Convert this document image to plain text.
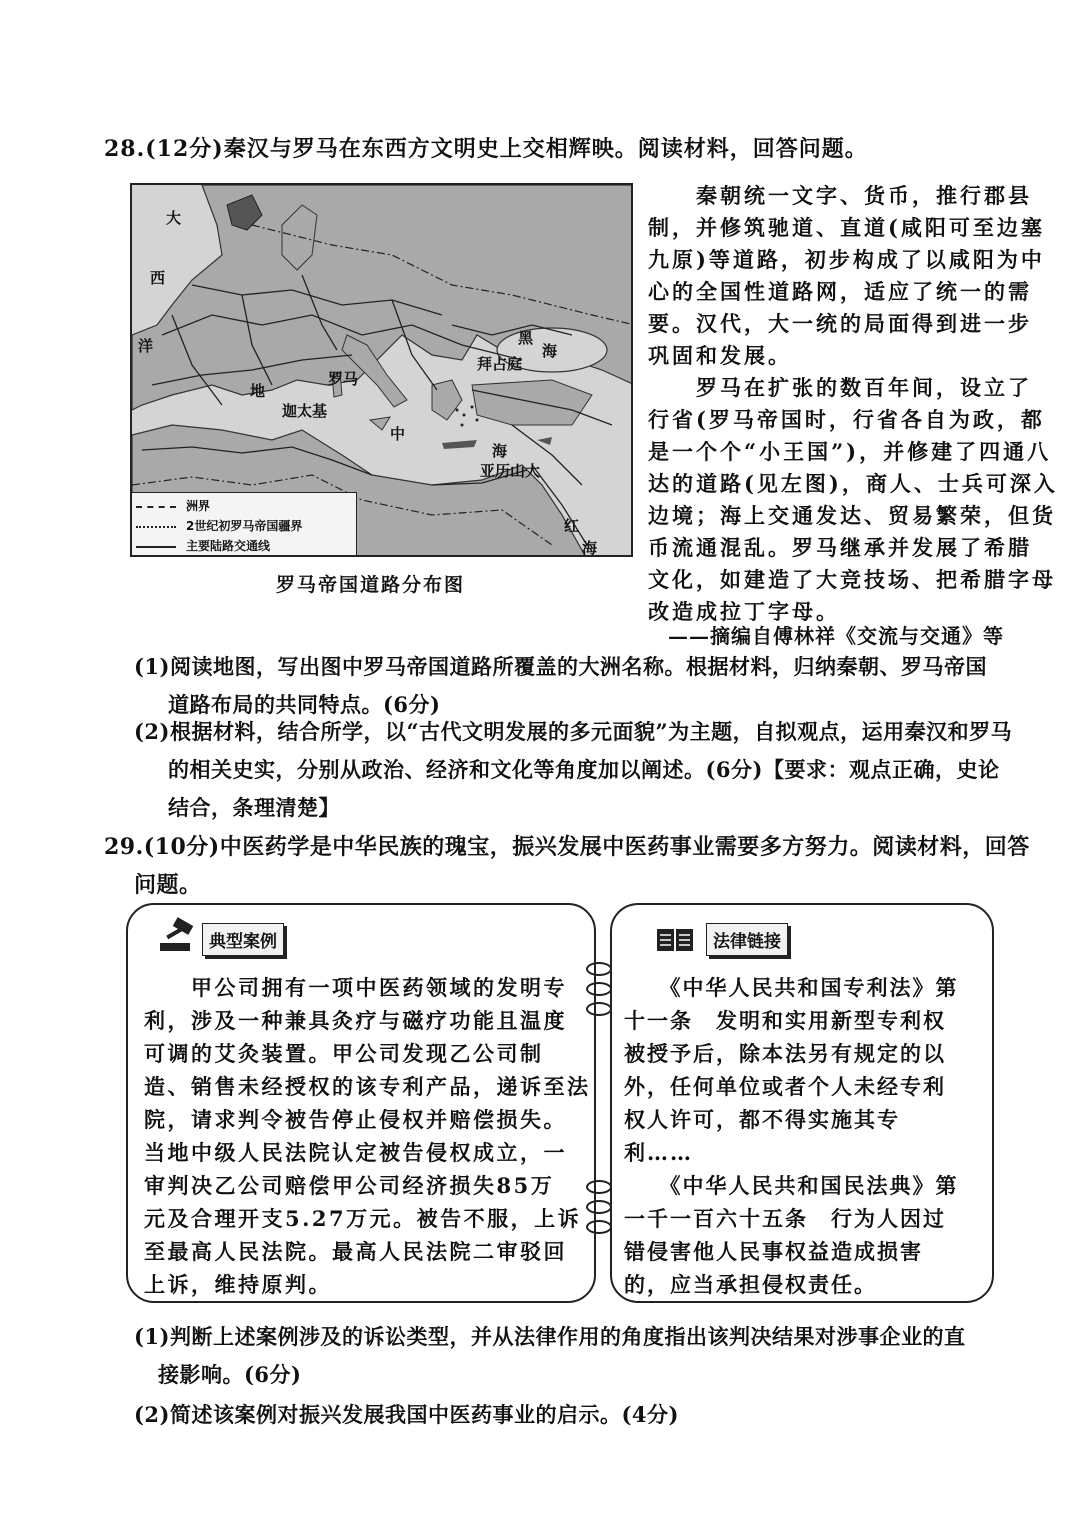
28.(12分)秦汉与罗马在东西方文明史上交相辉映。阅读材料，回答问题。
大
西
洋
地
罗马
迦太基
中
海
亚历山大
拜占庭
黑
海
红
海
洲界
2世纪初罗马帝国疆界
主要陆路交通线
罗马帝国道路分布图
　　秦朝统一文字、货币，推行郡县
制，并修筑驰道、直道(咸阳可至边塞
九原)等道路，初步构成了以咸阳为中
心的全国性道路网，适应了统一的需
要。汉代，大一统的局面得到进一步
巩固和发展。
　　罗马在扩张的数百年间，设立了
行省(罗马帝国时，行省各自为政，都
是一个个“小王国”)，并修建了四通八
达的道路(见左图)，商人、士兵可深入
边境；海上交通发达、贸易繁荣，但货
币流通混乱。罗马继承并发展了希腊
文化，如建造了大竞技场、把希腊字母
改造成拉丁字母。
——摘编自傅林祥《交流与交通》等
(1)阅读地图，写出图中罗马帝国道路所覆盖的大洲名称。根据材料，归纳秦朝、罗马帝国
道路布局的共同特点。(6分)
(2)根据材料，结合所学，以“古代文明发展的多元面貌”为主题，自拟观点，运用秦汉和罗马
的相关史实，分别从政治、经济和文化等角度加以阐述。(6分)【要求：观点正确，史论
结合，条理清楚】
29.(10分)中医药学是中华民族的瑰宝，振兴发展中医药事业需要多方努力。阅读材料，回答
问题。
典型案例
　　甲公司拥有一项中医药领域的发明专
利，涉及一种兼具灸疗与磁疗功能且温度
可调的艾灸装置。甲公司发现乙公司制
造、销售未经授权的该专利产品，递诉至法
院，请求判令被告停止侵权并赔偿损失。
当地中级人民法院认定被告侵权成立，一
审判决乙公司赔偿甲公司经济损失85万
元及合理开支5.27万元。被告不服，上诉
至最高人民法院。最高人民法院二审驳回
上诉，维持原判。
法律链接
　　《中华人民共和国专利法》第
十一条　发明和实用新型专利权
被授予后，除本法另有规定的以
外，任何单位或者个人未经专利
权人许可，都不得实施其专
利……
　　《中华人民共和国民法典》第
一千一百六十五条　行为人因过
错侵害他人民事权益造成损害
的，应当承担侵权责任。
(1)判断上述案例涉及的诉讼类型，并从法律作用的角度指出该判决结果对涉事企业的直
接影响。(6分)
(2)简述该案例对振兴发展我国中医药事业的启示。(4分)
